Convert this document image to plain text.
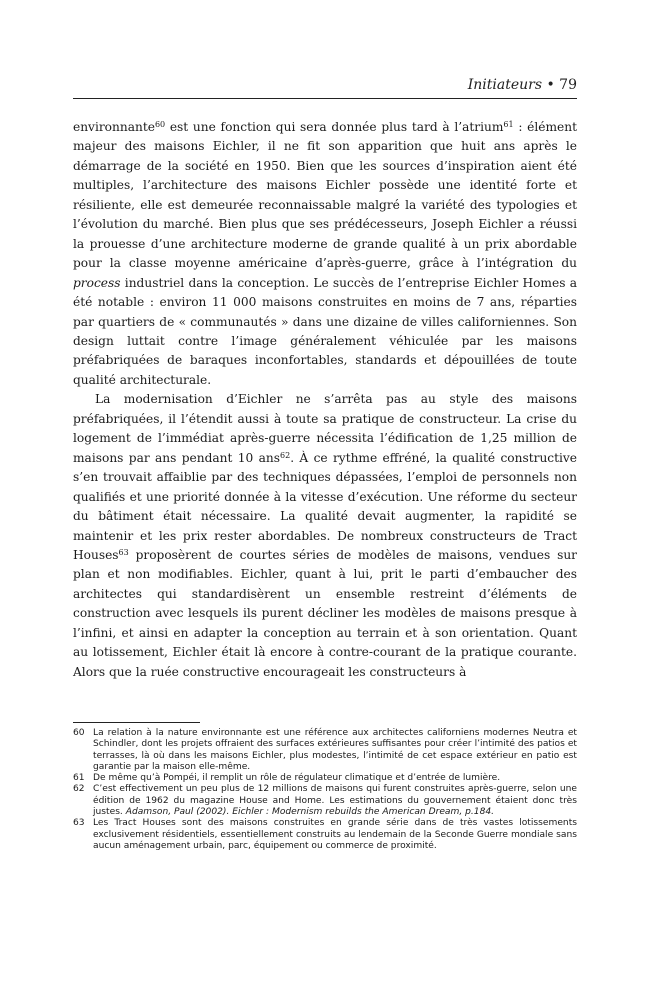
Initiateurs • 79

environnante$^{60}$ est une fonction qui sera donnée plus tard à l’atrium$^{61}$ : élément majeur des maisons Eichler, il ne fit son apparition que huit ans après le démarrage de la société en 1950. Bien que les sources d’inspiration aient été multiples, l’architecture des maisons Eichler possède une identité forte et résiliente, elle est demeurée reconnaissable malgré la variété des typologies et l’évolution du marché. Bien plus que ses prédécesseurs, Joseph Eichler a réussi la prouesse d’une architecture moderne de grande qualité à un prix abordable pour la classe moyenne américaine d’après-guerre, grâce à l’intégration du process industriel dans la conception. Le succès de l’entreprise Eichler Homes a été notable : environ 11 000 maisons construites en moins de 7 ans, réparties par quartiers de « communautés » dans une dizaine de villes californiennes. Son design luttait contre l’image généralement véhiculée par les maisons préfabriquées de baraques inconfortables, standards et dépouillées de toute qualité architecturale.

La modernisation d’Eichler ne s’arrêta pas au style des maisons préfabriquées, il l’étendit aussi à toute sa pratique de constructeur. La crise du logement de l’immédiat après-guerre nécessita l’édification de 1,25 million de maisons par ans pendant 10 ans$^{62}$. À ce rythme effréné, la qualité constructive s’en trouvait affaiblie par des techniques dépassées, l’emploi de personnels non qualifiés et une priorité donnée à la vitesse d’exécution. Une réforme du secteur du bâtiment était nécessaire. La qualité devait augmenter, la rapidité se maintenir et les prix rester abordables. De nombreux constructeurs de Tract Houses$^{63}$ proposèrent de courtes séries de modèles de maisons, vendues sur plan et non modifiables. Eichler, quant à lui, prit le parti d’embaucher des architectes qui standardisèrent un ensemble restreint d’éléments de construction avec lesquels ils purent décliner les modèles de maisons presque à l’infini, et ainsi en adapter la conception au terrain et à son orientation. Quant au lotissement, Eichler était là encore à contre-courant de la pratique courante. Alors que la ruée constructive encourageait les constructeurs à

60 La relation à la nature environnante est une référence aux architectes californiens modernes Neutra et Schindler, dont les projets offraient des surfaces extérieures suffisantes pour créer l’intimité des patios et terrasses, là où dans les maisons Eichler, plus modestes, l’intimité de cet espace extérieur en patio est garantie par la maison elle-même.
61 De même qu’à Pompéi, il remplit un rôle de régulateur climatique et d’entrée de lumière.
62 C’est effectivement un peu plus de 12 millions de maisons qui furent construites après-guerre, selon une édition de 1962 du magazine House and Home. Les estimations du gouvernement étaient donc très justes. Adamson, Paul (2002). Eichler : Modernism rebuilds the American Dream, p.184.
63 Les Tract Houses sont des maisons construites en grande série dans de très vastes lotissements exclusivement résidentiels, essentiellement construits au lendemain de la Seconde Guerre mondiale sans aucun aménagement urbain, parc, équipement ou commerce de proximité.
